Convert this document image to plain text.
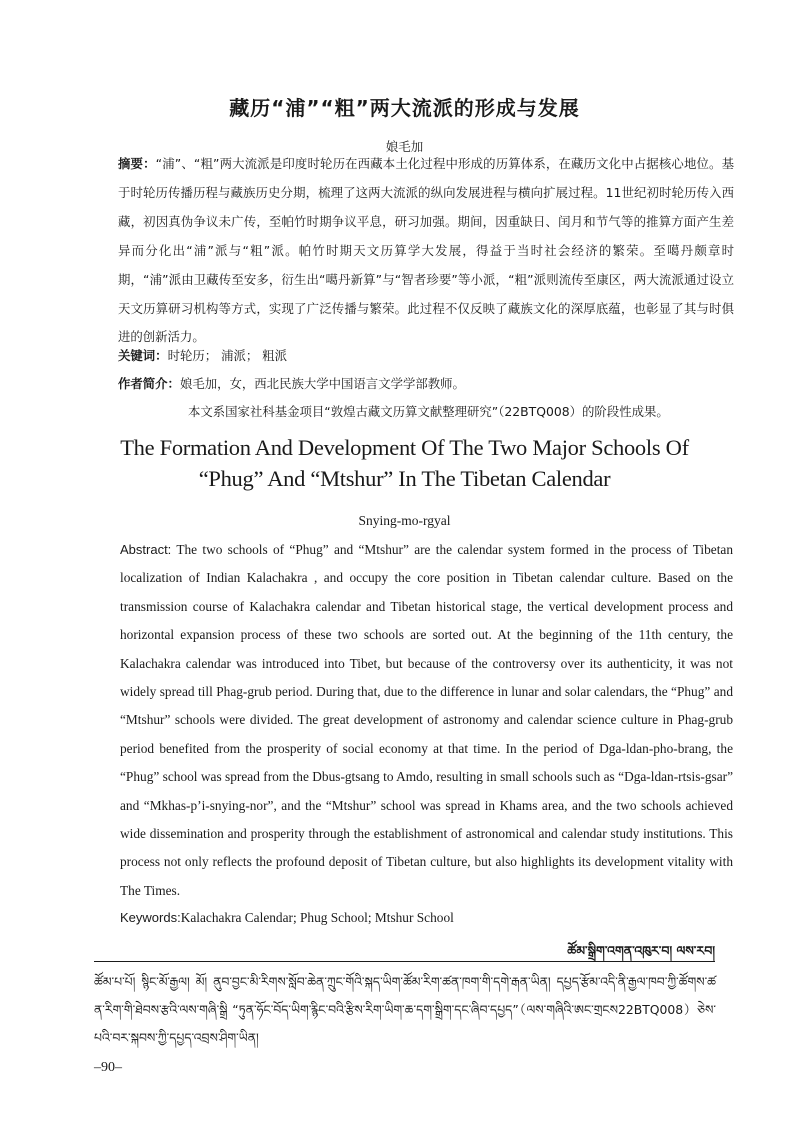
藏历“浦”“粗”两大流派的形成与发展
娘毛加
摘要：“浦”、“粗”两大流派是印度时轮历在西藏本土化过程中形成的历算体系，在藏历文化中占据核心地位。基于时轮历传播历程与藏族历史分期，梳理了这两大流派的纵向发展进程与横向扩展过程。11世纪初时轮历传入西藏，初因真伪争议未广传，至帕竹时期争议平息，研习加强。期间，因重缺日、闰月和节气等的推算方面产生差异而分化出“浦”派与“粗”派。帕竹时期天文历算学大发展，得益于当时社会经济的繁荣。至噶丹颇章时期，“浦”派由卫藏传至安多，衍生出“噶丹新算”与“智者珍要”等小派，“粗”派则流传至康区，两大流派通过设立天文历算研习机构等方式，实现了广泛传播与繁荣。此过程不仅反映了藏族文化的深厚底蕴，也彰显了其与时俱进的创新活力。
关键词：时轮历； 浦派； 粗派
作者简介：娘毛加，女，西北民族大学中国语言文学学部教师。
本文系国家社科基金项目“敦煌古藏文历算文献整理研究”（22BTQ008）的阶段性成果。
The Formation And Development Of The Two Major Schools Of
“Phug” And “Mtshur” In The Tibetan Calendar
Snying-mo-rgyal
Abstract: The two schools of “Phug” and “Mtshur” are the calendar system formed in the process of Tibetan localization of Indian Kalachakra , and occupy the core position in Tibetan calendar culture. Based on the transmission course of Kalachakra calendar and Tibetan historical stage, the vertical development process and horizontal expansion process of these two schools are sorted out. At the beginning of the 11th century, the Kalachakra calendar was introduced into Tibet, but because of the controversy over its authenticity, it was not widely spread till Phag-grub period. During that, due to the difference in lunar and solar calendars, the “Phug” and “Mtshur” schools were divided. The great development of astronomy and calendar science culture in Phag-grub period benefited from the prosperity of social economy at that time. In the period of Dga-ldan-pho-brang, the “Phug” school was spread from the Dbus-gtsang to Amdo, resulting in small schools such as “Dga-ldan-rtsis-gsar” and “Mkhas-p’i-snying-nor”, and the “Mtshur” school was spread in Khams area, and the two schools achieved wide dissemination and prosperity through the establishment of astronomical and calendar study institutions. This process not only reflects the profound deposit of Tibetan culture, but also highlights its development vitality with The Times.
Keywords:Kalachakra Calendar; Phug School; Mtshur School
ཚོམ་སྒྲིག་འགན་འཁུར་བ། ལས་རབ།
ཚོམ་པ་པོ། སྙིང་མོ་རྒྱལ། མོ། ནུབ་བྱང་མི་རིགས་སློབ་ཆེན་ཀྲུང་གོའི་སྐད་ཡིག་ཚོམ་རིག་ཚན་ཁག་གི་དགེ་རྒན་ཡིན། དཔྱད་རྩོམ་འདི་ནི་རྒྱལ་ཁབ་ཀྱི་ཚོགས་ཚན་རིག་གི་ཐེབས་རྩའི་ལས་གཞི་སྒྲི “ཏུན་ཧོང་བོད་ཡིག་རྙིང་བའི་རྩིས་རིག་ཡིག་ཆ་དག་སྒྲིག་དང་ཞིབ་དཔྱད”（ལས་གཞིའི་ཨང་གྲངས22BTQ008）ཅེས་པའི་བར་སྐབས་ཀྱི་དཔྱད་འབྲས་ཤིག་ཡིན།
–90–
